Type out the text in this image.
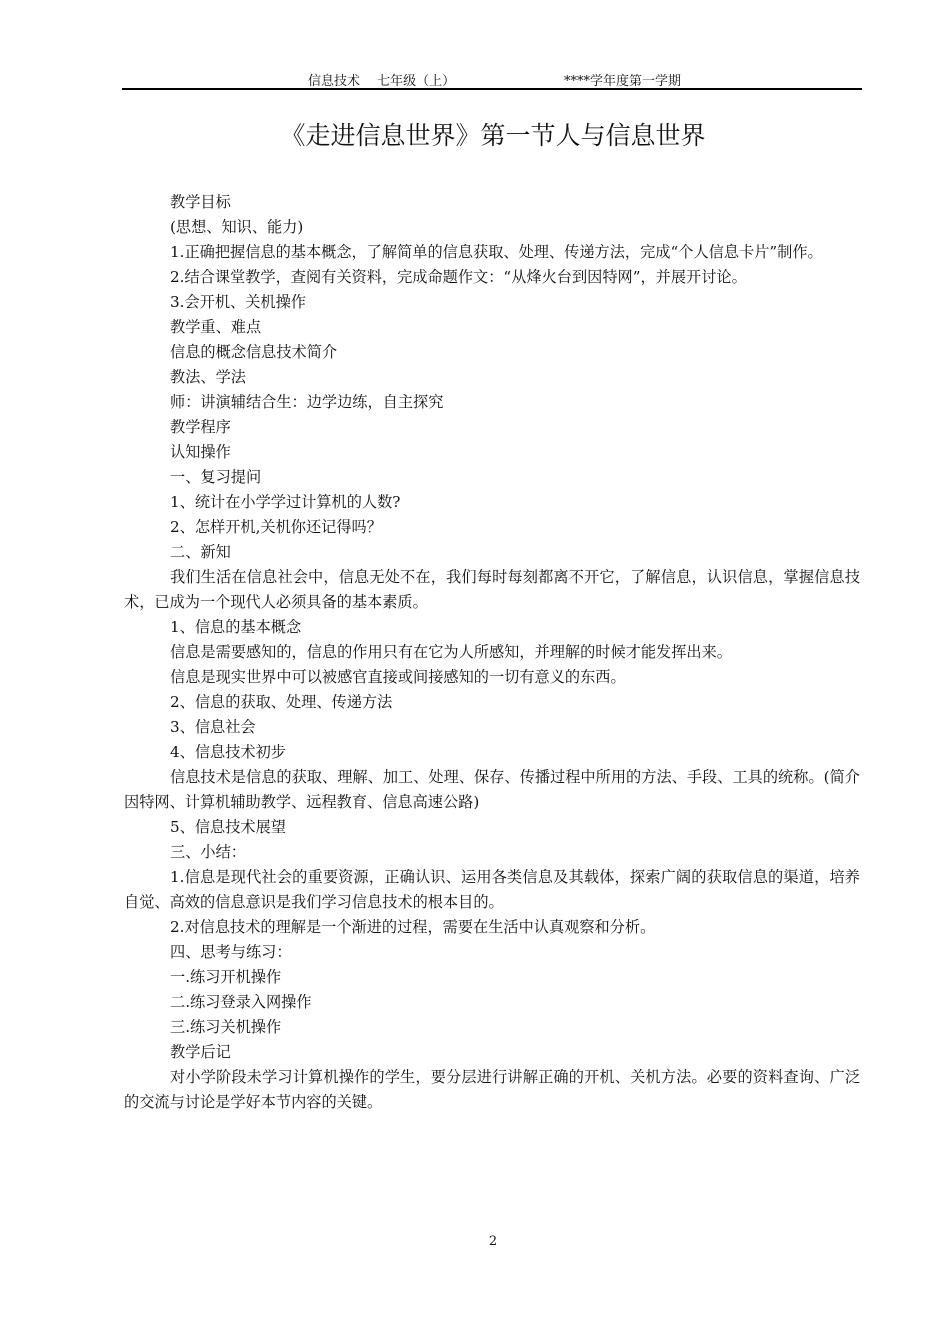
信息技术　 七年级（上）	****学年度第一学期
《走进信息世界》第一节人与信息世界

教学目标

(思想、知识、能力)

1.正确把握信息的基本概念，了解简单的信息获取、处理、传递方法，完成“个人信息卡片”制作。

2.结合课堂教学，查阅有关资料，完成命题作文：“从烽火台到因特网”，并展开讨论。

3.会开机、关机操作

教学重、难点

信息的概念信息技术简介

教法、学法

师：讲演辅结合生：边学边练，自主探究

教学程序

认知操作

一、复习提问

1、统计在小学学过计算机的人数?

2、怎样开机,关机你还记得吗？

二、新知

我们生活在信息社会中，信息无处不在，我们每时每刻都离不开它，了解信息，认识信息，掌握信息技术，已成为一个现代人必须具备的基本素质。

1、信息的基本概念

信息是需要感知的，信息的作用只有在它为人所感知，并理解的时候才能发挥出来。

信息是现实世界中可以被感官直接或间接感知的一切有意义的东西。

2、信息的获取、处理、传递方法

3、信息社会

4、信息技术初步

信息技术是信息的获取、理解、加工、处理、保存、传播过程中所用的方法、手段、工具的统称。(简介因特网、计算机辅助教学、远程教育、信息高速公路)

5、信息技术展望

三、小结：

1.信息是现代社会的重要资源，正确认识、运用各类信息及其载体，探索广阔的获取信息的渠道，培养自觉、高效的信息意识是我们学习信息技术的根本目的。

2.对信息技术的理解是一个渐进的过程，需要在生活中认真观察和分析。

四、思考与练习：

一.练习开机操作

二.练习登录入网操作

三.练习关机操作

教学后记

对小学阶段未学习计算机操作的学生，要分层进行讲解正确的开机、关机方法。必要的资料查询、广泛的交流与讨论是学好本节内容的关键。

2
